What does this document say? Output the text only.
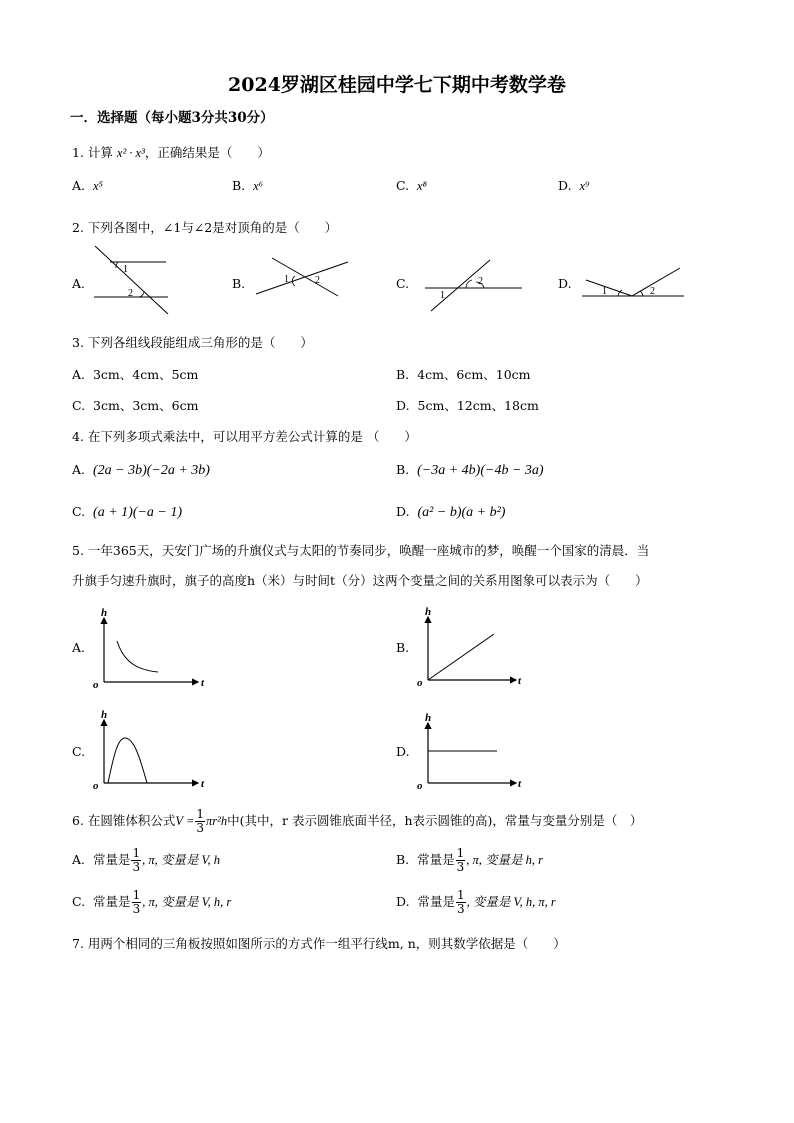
2024罗湖区桂园中学七下期中考数学卷
一．选择题（每小题3分共30分）
1. 计算 x² · x³，正确结果是（　　）
A. x⁵	B. x⁶	C. x⁸	D. x⁹
2. 下列各图中，∠1与∠2是对顶角的是（　　）
A.
1
2
1	2
1
2
1	2
h
t
o
h
t
o
h
t
o
h
t
o
B.	C.	D.
3. 下列各组线段能组成三角形的是（　　）
A. 3cm、4cm、5cm	B. 4cm、6cm、10cm
C. 3cm、3cm、6cm	D. 5cm、12cm、18cm
4. 在下列多项式乘法中，可以用平方差公式计算的是 （　　）
A. (2a − 3b)(−2a + 3b)	B. (−3a + 4b)(−4b − 3a)
C. (a + 1)(−a − 1)	D. (a² − b)(a + b²)
5. 一年365天，天安门广场的升旗仪式与太阳的节奏同步，唤醒一座城市的梦，唤醒一个国家的清晨．当
升旗手匀速升旗时，旗子的高度h（米）与时间t（分）这两个变量之间的关系用图象可以表示为（　　）
A.	B.
C.	D.
6. 在圆锥体积公式$V = \frac{1}{3} \pi r^2h$中(其中，r 表示圆锥底面半径，h表示圆锥的高)，常量与变量分别是（　）
A. 常量是 $\frac{1}{3}$ , π, 变量是 V, h	B. 常量是 $\frac{1}{3}$ , π, 变量是 h, r
C. 常量是 $\frac{1}{3}$ , π, 变量是 V, h, r	D. 常量是 $\frac{1}{3}$ , 变量是 V, h, π, r
7. 用两个相同的三角板按照如图所示的方式作一组平行线m, n，则其数学依据是（　　）
